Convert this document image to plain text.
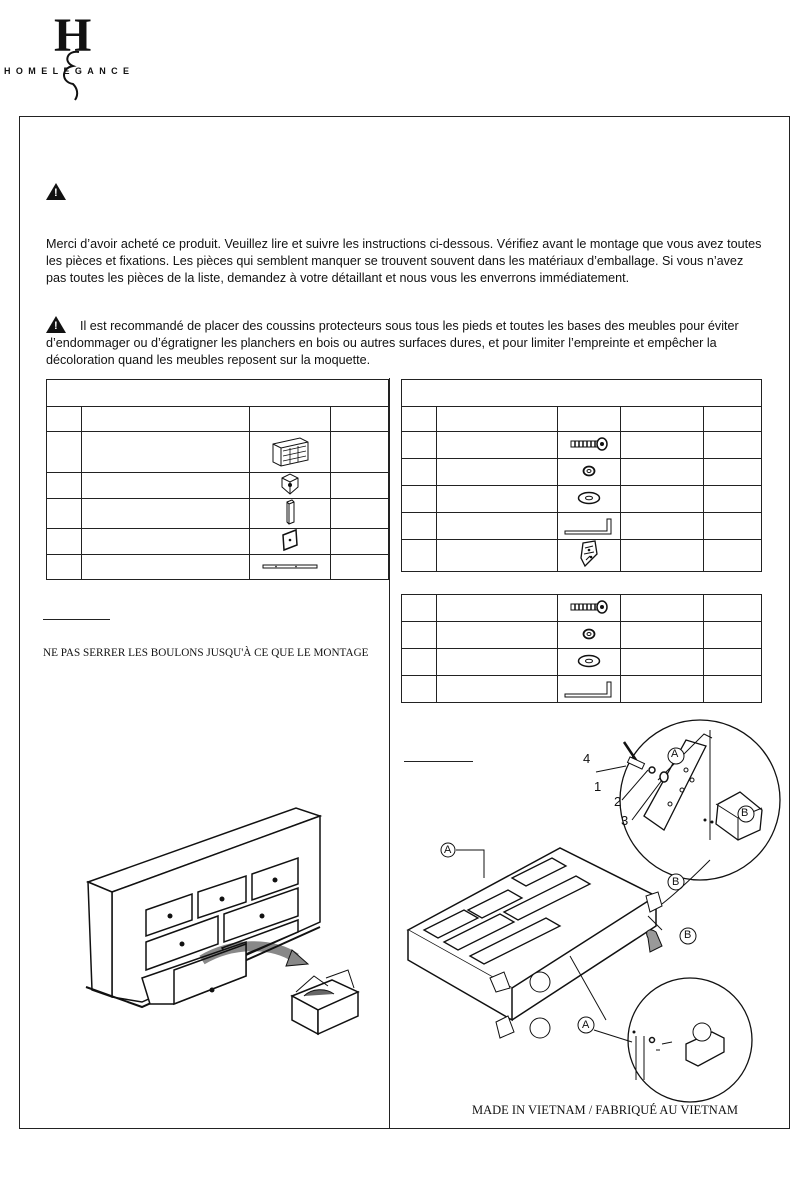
H
HOMELEGANCE
!
Merci d’avoir acheté ce produit. Veuillez lire et suivre les instructions ci-dessous. Vérifiez avant le montage que vous avez toutes les pièces et fixations. Les pièces qui semblent manquer se trouvent souvent dans les matériaux d’emballage. Si vous n’avez pas toutes les pièces de la liste, demandez à votre détaillant et nous vous les enverrons immédiatement.
!
Il est recommandé de placer des coussins protecteurs sous tous les pieds et toutes les bases des meubles pour éviter d’endommager ou d’égratigner les planchers en bois ou autres surfaces dures, et pour limiter l’empreinte et empêcher la décoloration quand les meubles reposent sur la moquette.

NE PAS SERRER LES BOULONS JUSQU'À CE QUE LE MONTAGE
4
1
2
3
A
B
A
B
B
A
MADE IN VIETNAM / FABRIQUÉ AU VIETNAM
